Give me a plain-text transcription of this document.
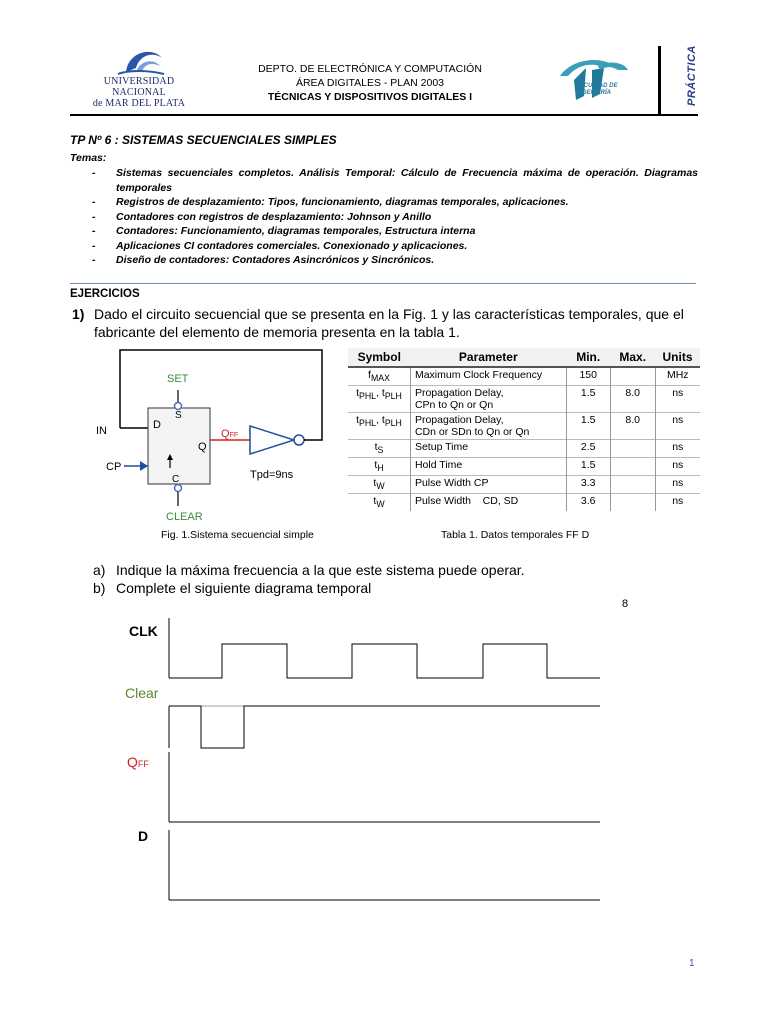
UNIVERSIDAD NACIONAL
de MAR DEL PLATA
DEPTO. DE ELECTRÓNICA Y COMPUTACIÓN
ÁREA DIGITALES - PLAN 2003
TÉCNICAS Y DISPOSITIVOS DIGITALES I
FACULTAD DE
INGENIERÍA	PRÁCTICA
TP Nº 6 : SISTEMAS SECUENCIALES SIMPLES
Temas:
- Sistemas secuenciales completos. Análisis Temporal: Cálculo de Frecuencia máxima de operación. Diagramas temporales
- Registros de desplazamiento: Tipos, funcionamiento, diagramas temporales, aplicaciones.
- Contadores con registros de desplazamiento: Johnson y Anillo
- Contadores: Funcionamiento, diagramas temporales, Estructura interna
- Aplicaciones CI contadores comerciales. Conexionado y aplicaciones.
- Diseño de contadores: Contadores Asincrónicos y Sincrónicos.
EJERCICIOS
1) Dado el circuito secuencial que se presenta en la Fig. 1 y las características temporales, que el fabricante del elemento de memoria presenta en la tabla 1.
SET
S
D
Q
C
IN
CP
CLEAR
QFF
Tpd=9ns
Fig. 1.Sistema secuencial simple
Symbol	Parameter	Min.	Max.	Units
$f_{MAX}$	Maximum Clock Frequency	150		MHz
$t_{PHL}$, $t_{PLH}$	Propagation Delay,
CPn to Qn or Qn	1.5	8.0	ns
$t_{PHL}$, $t_{PLH}$	Propagation Delay,
CDn or SDn to Qn or Qn	1.5	8.0	ns
$t_S$	Setup Time	2.5		ns
$t_H$	Hold Time	1.5		ns
$t_W$	Pulse Width CP	3.3		ns
$t_W$	Pulse Width CD, SD	3.6		ns
Tabla 1. Datos temporales FF D
a) Indique la máxima frecuencia a la que este sistema puede operar.
b) Complete el siguiente diagrama temporal
8
CLK
Clear
QFF
D
1
